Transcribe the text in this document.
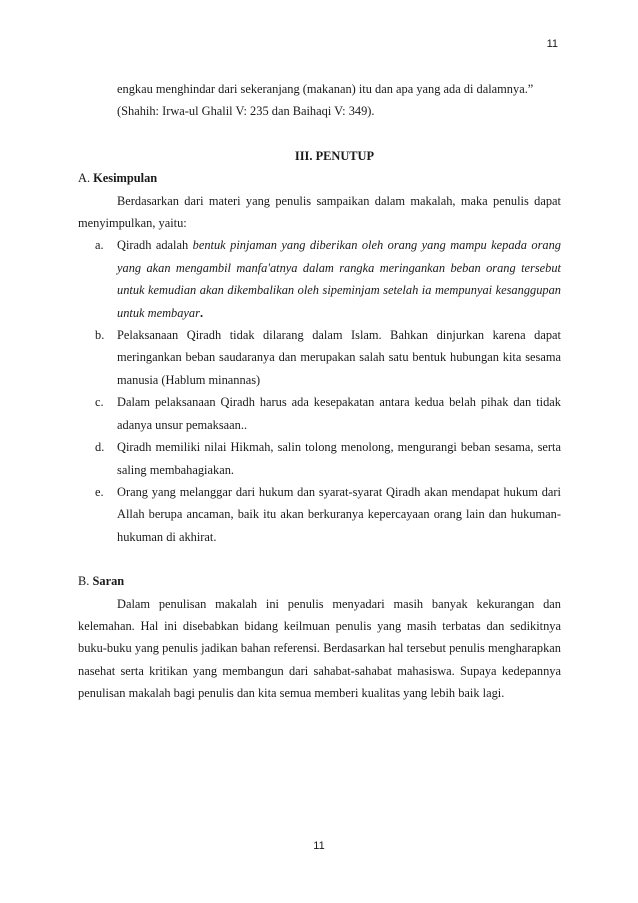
11

engkau menghindar dari sekeranjang (makanan) itu dan apa yang ada di dalamnya.”

(Shahih: Irwa-ul Ghalil V: 235 dan Baihaqi V: 349).

III. PENUTUP

A. Kesimpulan

Berdasarkan dari materi yang penulis sampaikan dalam makalah, maka penulis dapat menyimpulkan, yaitu:

a. Qiradh adalah bentuk pinjaman yang diberikan oleh orang yang mampu kepada orang yang akan mengambil manfa'atnya dalam rangka meringankan beban orang tersebut untuk kemudian akan dikembalikan oleh sipeminjam setelah ia mempunyai kesanggupan untuk membayar.
b. Pelaksanaan Qiradh tidak dilarang dalam Islam. Bahkan dinjurkan karena dapat meringankan beban saudaranya dan merupakan salah satu bentuk hubungan kita sesama manusia (Hablum minannas)
c. Dalam pelaksanaan Qiradh harus ada kesepakatan antara kedua belah pihak dan tidak adanya unsur pemaksaan..
d. Qiradh memiliki nilai Hikmah, salin tolong menolong, mengurangi beban sesama, serta saling membahagiakan.
e. Orang yang melanggar dari hukum dan syarat-syarat Qiradh akan mendapat hukum dari Allah berupa ancaman, baik itu akan berkuranya kepercayaan orang lain dan hukuman-hukuman di akhirat.

B. Saran

Dalam penulisan makalah ini penulis menyadari masih banyak kekurangan dan kelemahan. Hal ini disebabkan bidang keilmuan penulis yang masih terbatas dan sedikitnya buku-buku yang penulis jadikan bahan referensi. Berdasarkan hal tersebut penulis mengharapkan nasehat serta kritikan yang membangun dari sahabat-sahabat mahasiswa. Supaya kedepannya penulisan makalah bagi penulis dan kita semua memberi kualitas yang lebih baik lagi.

11
